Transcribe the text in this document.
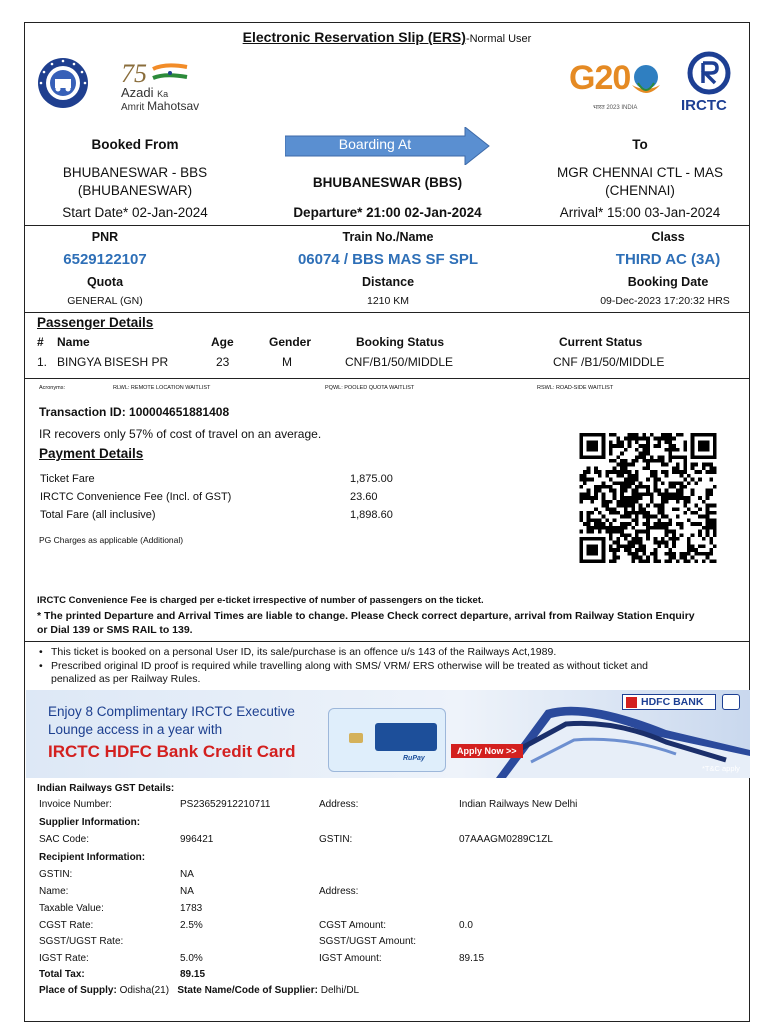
Electronic Reservation Slip (ERS)-Normal User
75
Azadi Ka
Amrit Mahotsav
G20
भारत 2023 INDIA	IRCTC
Booked From
BHUBANESWAR - BBS
(BHUBANESWAR)
Start Date* 02-Jan-2024
Boarding At
BHUBANESWAR (BBS)
Departure* 21:00 02-Jan-2024
To
MGR CHENNAI CTL - MAS
(CHENNAI)
Arrival* 15:00 03-Jan-2024
PNR
6529122107
Train No./Name
06074 / BBS MAS SF SPL
Class
THIRD AC (3A)
Quota
GENERAL (GN)
Distance
1210 KM
Booking Date
09-Dec-2023 17:20:32 HRS
Passenger Details
# Name	Age	Gender	Booking Status	Current Status
1. BINGYA BISESH PR	23	M	CNF/B1/50/MIDDLE	CNF /B1/50/MIDDLE
Acronyms:	RLWL: REMOTE LOCATION WAITLIST	PQWL: POOLED QUOTA WAITLIST	RSWL: ROAD-SIDE WAITLIST
Transaction ID: 100004651881408
IR recovers only 57% of cost of travel on an average.
Payment Details
Ticket Fare	1,875.00
IRCTC Convenience Fee (Incl. of GST)	23.60
Total Fare (all inclusive)	1,898.60
PG Charges as applicable (Additional)
IRCTC Convenience Fee is charged per e-ticket irrespective of number of passengers on the ticket.
* The printed Departure and Arrival Times are liable to change. Please Check correct departure, arrival from Railway Station Enquiry
or Dial 139 or SMS RAIL to 139.
• This ticket is booked on a personal User ID, its sale/purchase is an offence u/s 143 of the Railways Act,1989.
• Prescribed original ID proof is required while travelling along with SMS/ VRM/ ERS otherwise will be treated as without ticket and
penalized as per Railway Rules.
Enjoy 8 Complimentary IRCTC Executive
Lounge access in a year with
IRCTC HDFC Bank Credit Card	RuPay
Apply Now >>
HDFC BANK
*T&C apply
Indian Railways GST Details:
Invoice Number:	PS23652912210711	Address:	Indian Railways New Delhi
Supplier Information:
SAC Code:	996421	GSTIN:	07AAAGM0289C1ZL
Recipient Information:
GSTIN:	NA
Name:	NA	Address:
Taxable Value:	1783
CGST Rate:	2.5%	CGST Amount:	0.0
SGST/UGST Rate:	SGST/UGST Amount:
IGST Rate:	5.0%	IGST Amount:	89.15
Total Tax:	89.15
Place of Supply: Odisha(21) State Name/Code of Supplier: Delhi/DL
